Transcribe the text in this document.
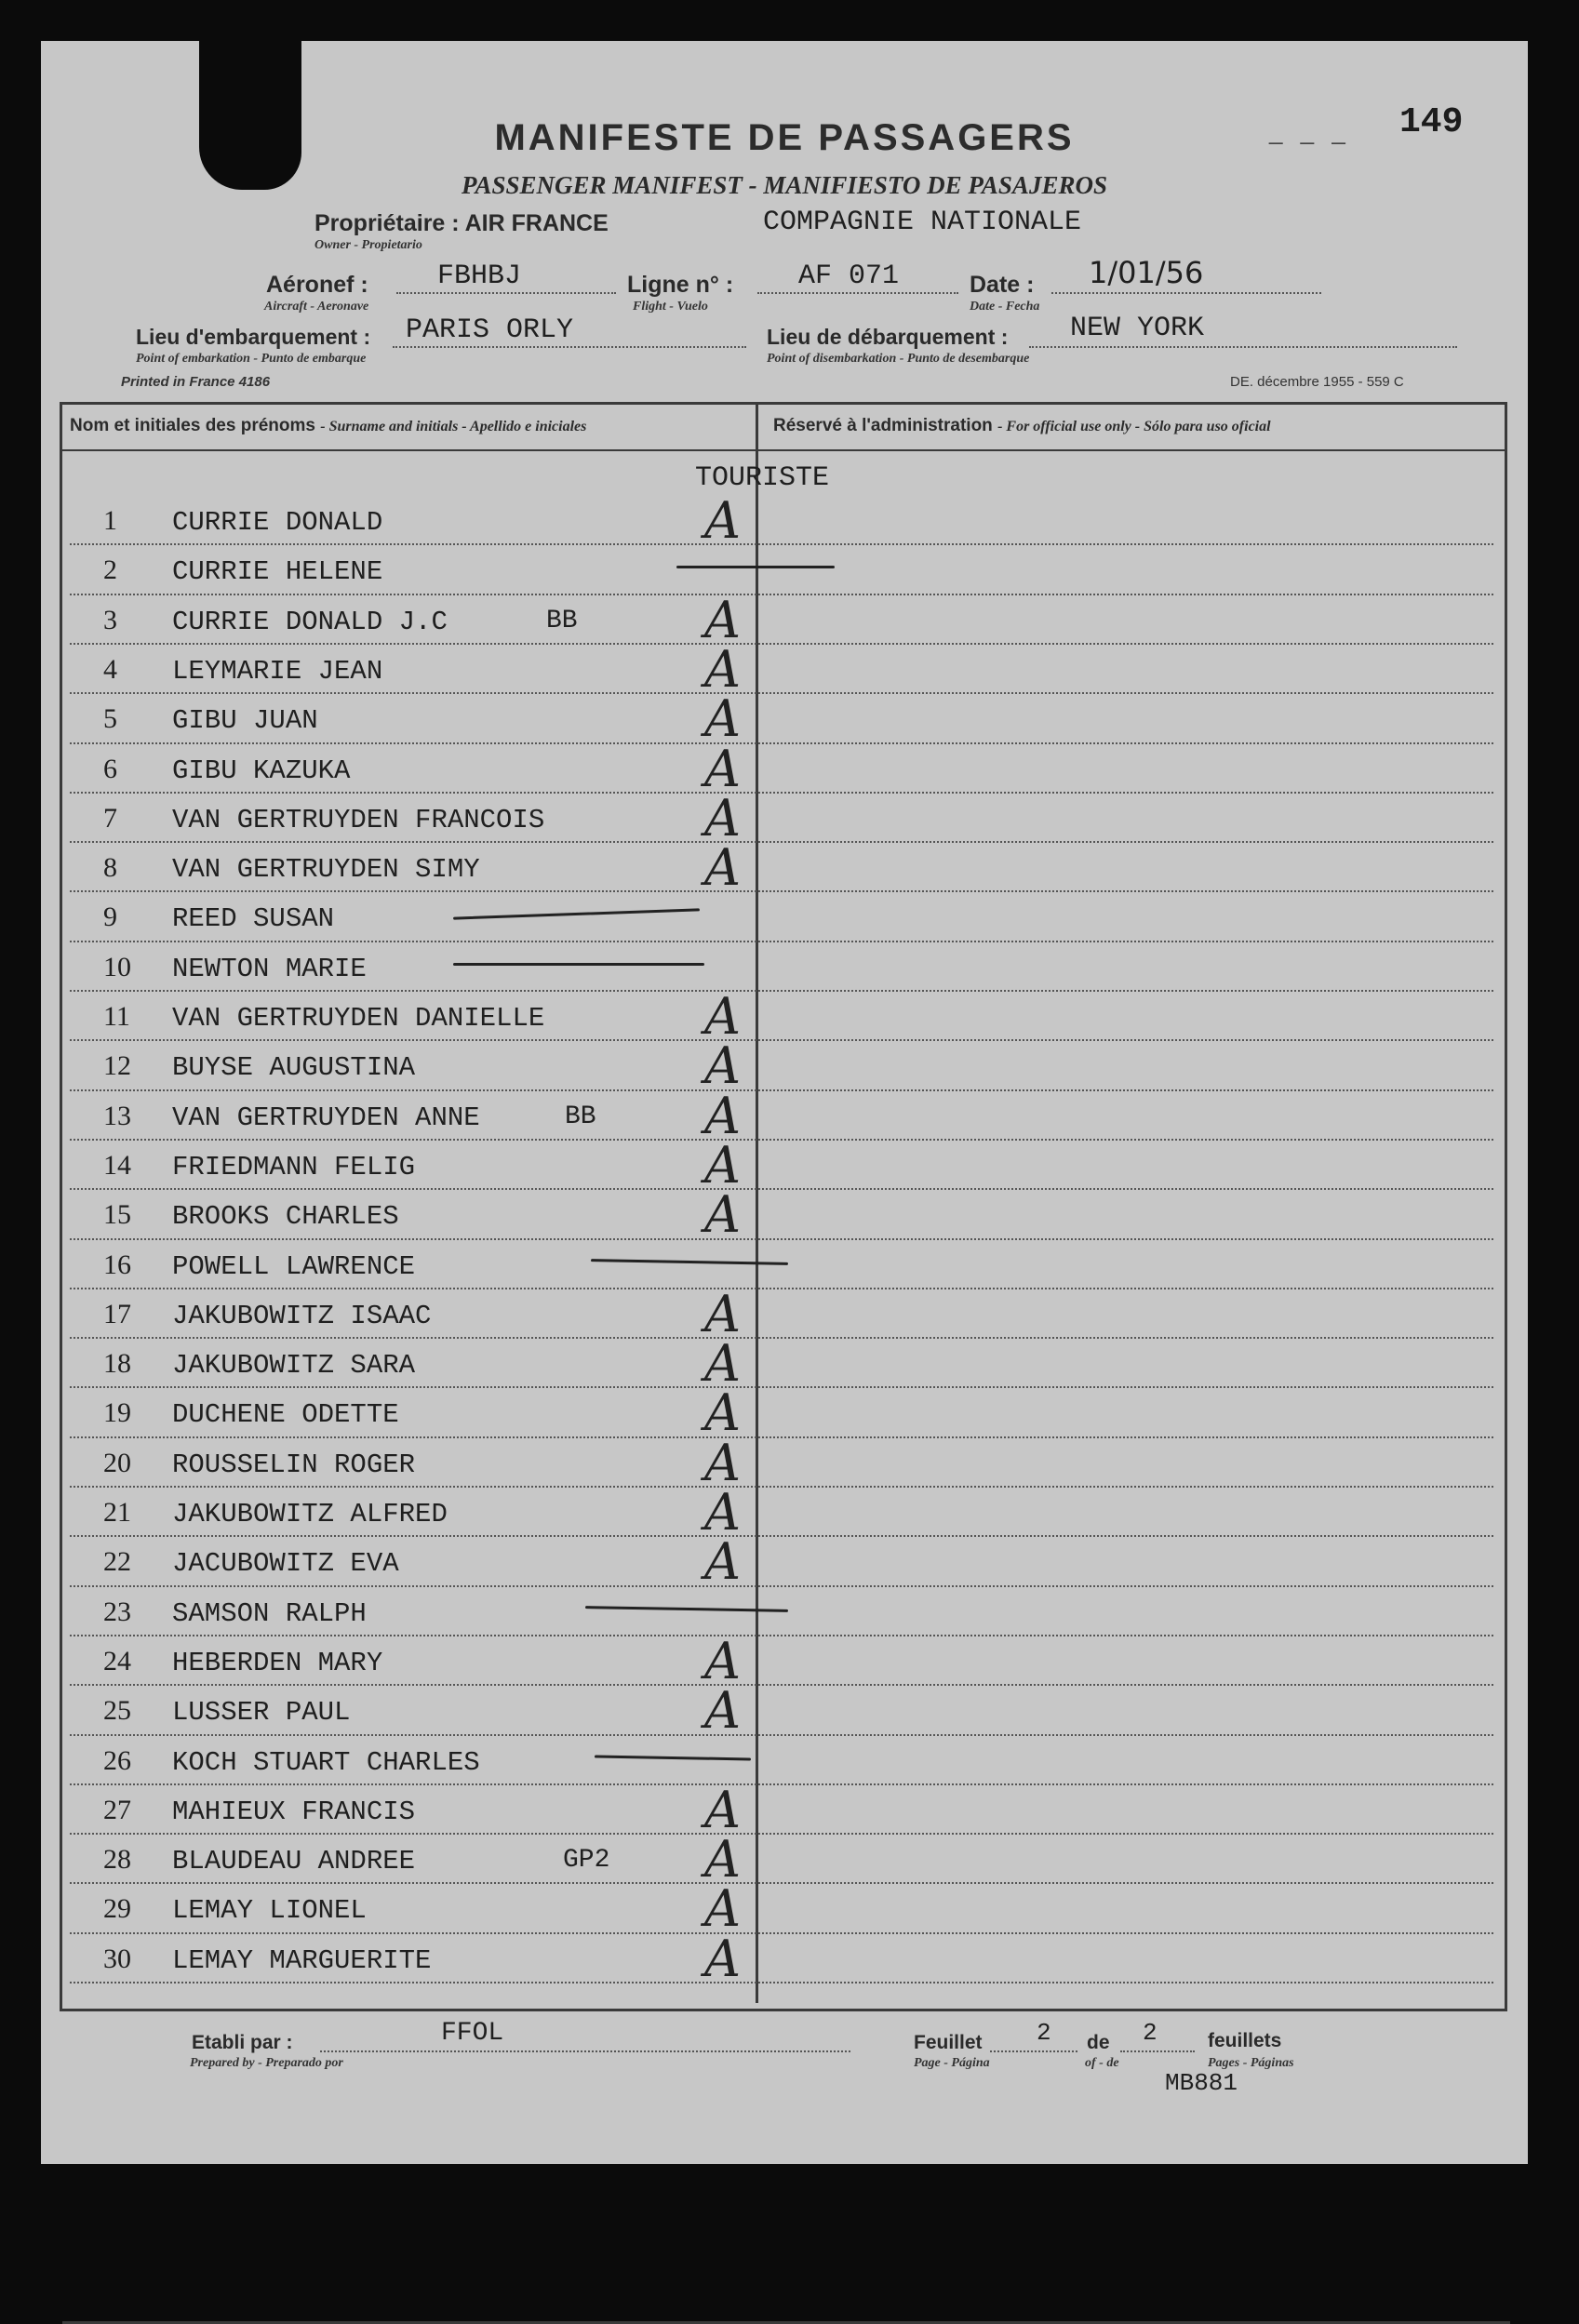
_ _ _ 149
MANIFESTE DE PASSAGERS
PASSENGER MANIFEST - MANIFIESTO DE PASAJEROS
Propriétaire : AIR FRANCE
Owner - Propietario
COMPAGNIE NATIONALE
Aéronef :
Aircraft - Aeronave
FBHBJ	Ligne n° :
Flight - Vuelo
AF 071	Date :
Date - Fecha
1/01/56
Lieu d'embarquement :
Point of embarkation - Punto de embarque
PARIS ORLY	Lieu de débarquement :
Point of disembarkation - Punto de desembarque
NEW YORK
Printed in France 4186	DE. décembre 1955 - 559 C
Nom et initiales des prénoms - Surname and initials - Apellido e iniciales	Réservé à l'administration - For official use only - Sólo para uso oficial
TOUR ISTE
1 CURRIE DONALD	A
2 CURRIE HELENE
3 CURRIE DONALD J.C	BB	A
4 LEYMARIE JEAN	A
5 GIBU JUAN	A
6 GIBU KAZUKA	A
7 VAN GERTRUYDEN FRANCOIS	A
8 VAN GERTRUYDEN SIMY	A
9 REED SUSAN
10 NEWTON MARIE
11 VAN GERTRUYDEN DANIELLE	A
12 BUYSE AUGUSTINA	A
13 VAN GERTRUYDEN ANNE	BB A
14 FRIEDMANN FELIG	A
15 BROOKS CHARLES	A
16 POWELL LAWRENCE
17 JAKUBOWITZ ISAAC	A
18 JAKUBOWITZ SARA	A
19 DUCHENE ODETTE	A
20 ROUSSELIN ROGER	A
21 JAKUBOWITZ ALFRED	A
22 JACUBOWITZ EVA	A
23 SAMSON RALPH
24 HEBERDEN MARY	A
25 LUSSER PAUL	A
26 KOCH STUART CHARLES
27 MAHIEUX FRANCIS	A
28 BLAUDEAU ANDREE	GP2 A
29 LEMAY LIONEL	A
30 LEMAY MARGUERITE	A
Etabli par :
Prepared by - Preparado por
FFOL	Feuillet
Page - Página
2 de
of - de
2	feuillets
Pages - Páginas
MB881
